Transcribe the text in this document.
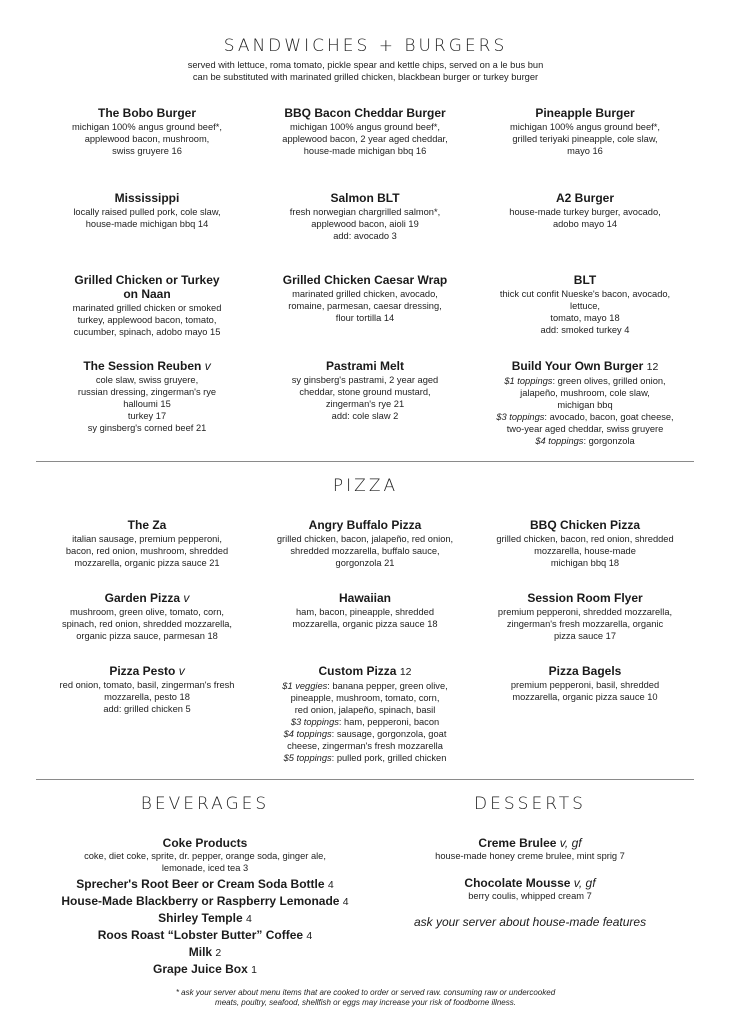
SANDWICHES + BURGERS
served with lettuce, roma tomato, pickle spear and kettle chips, served on a le bus bun
can be substituted with marinated grilled chicken, blackbean burger or turkey burger
The Bobo Burger
michigan 100% angus ground beef*,
applewood bacon, mushroom,
swiss gruyere 16
BBQ Bacon Cheddar Burger
michigan 100% angus ground beef*,
applewood bacon, 2 year aged cheddar,
house-made michigan bbq 16
Pineapple Burger
michigan 100% angus ground beef*,
grilled teriyaki pineapple, cole slaw,
mayo 16
Mississippi
locally raised pulled pork, cole slaw,
house-made michigan bbq 14
Salmon BLT
fresh norwegian chargrilled salmon*,
applewood bacon, aioli 19
add: avocado 3
A2 Burger
house-made turkey burger, avocado,
adobo mayo 14
Grilled Chicken or Turkey
on Naan
marinated grilled chicken or smoked
turkey, applewood bacon, tomato,
cucumber, spinach, adobo mayo 15
Grilled Chicken Caesar Wrap
marinated grilled chicken, avocado,
romaine, parmesan, caesar dressing,
flour tortilla 14
BLT
thick cut confit Nueske's bacon, avocado,
lettuce,
tomato, mayo 18
add: smoked turkey 4
The Session Reuben v
cole slaw, swiss gruyere,
russian dressing, zingerman's rye
halloumi 15
turkey 17
sy ginsberg's corned beef 21
Pastrami Melt
sy ginsberg's pastrami, 2 year aged
cheddar, stone ground mustard,
zingerman's rye 21
add: cole slaw 2
Build Your Own Burger 12
$1 toppings: green olives, grilled onion,
jalapeño, mushroom, cole slaw,
michigan bbq
$3 toppings: avocado, bacon, goat cheese,
two-year aged cheddar, swiss gruyere
$4 toppings: gorgonzola
PIZZA
The Za
italian sausage, premium pepperoni,
bacon, red onion, mushroom, shredded
mozzarella, organic pizza sauce 21
Angry Buffalo Pizza
grilled chicken, bacon, jalapeño, red onion,
shredded mozzarella, buffalo sauce,
gorgonzola 21
BBQ Chicken Pizza
grilled chicken, bacon, red onion, shredded
mozzarella, house-made
michigan bbq 18
Garden Pizza v
mushroom, green olive, tomato, corn,
spinach, red onion, shredded mozzarella,
organic pizza sauce, parmesan 18
Hawaiian
ham, bacon, pineapple, shredded
mozzarella, organic pizza sauce 18
Session Room Flyer
premium pepperoni, shredded mozzarella,
zingerman's fresh mozzarella, organic
pizza sauce 17
Pizza Pesto v
red onion, tomato, basil, zingerman's fresh
mozzarella, pesto 18
add: grilled chicken 5
Custom Pizza 12
$1 veggies: banana pepper, green olive,
pineapple, mushroom, tomato, corn,
red onion, jalapeño, spinach, basil
$3 toppings: ham, pepperoni, bacon
$4 toppings: sausage, gorgonzola, goat
cheese, zingerman's fresh mozzarella
$5 toppings: pulled pork, grilled chicken
Pizza Bagels
premium pepperoni, basil, shredded
mozzarella, organic pizza sauce 10
BEVERAGES
Coke Products
coke, diet coke, sprite, dr. pepper, orange soda, ginger ale,
lemonade, iced tea 3
Sprecher's Root Beer or Cream Soda Bottle 4
House-Made Blackberry or Raspberry Lemonade 4
Shirley Temple 4
Roos Roast “Lobster Butter” Coffee 4
Milk 2
Grape Juice Box 1
DESSERTS
Creme Brulee v, gf
house-made honey creme brulee, mint sprig 7
Chocolate Mousse v, gf
berry coulis, whipped cream 7
ask your server about house-made features
* ask your server about menu items that are cooked to order or served raw. consuming raw or undercooked
meats, poultry, seafood, shellfish or eggs may increase your risk of foodborne illness.
